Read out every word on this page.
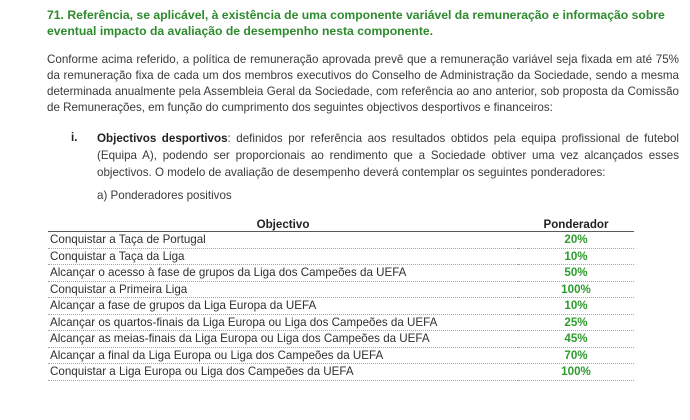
71. Referência, se aplicável, à existência de uma componente variável da remuneração e informação sobre eventual impacto da avaliação de desempenho nesta componente.
Conforme acima referido, a política de remuneração aprovada prevê que a remuneração variável seja fixada em até 75% da remuneração fixa de cada um dos membros executivos do Conselho de Administração da Sociedade, sendo a mesma determinada anualmente pela Assembleia Geral da Sociedade, com referência ao ano anterior, sob proposta da Comissão de Remunerações, em função do cumprimento dos seguintes objectivos desportivos e financeiros:
i. Objectivos desportivos: definidos por referência aos resultados obtidos pela equipa profissional de futebol (Equipa A), podendo ser proporcionais ao rendimento que a Sociedade obtiver uma vez alcançados esses objectivos. O modelo de avaliação de desempenho deverá contemplar os seguintes ponderadores:
a) Ponderadores positivos
Objectivo	Ponderador
Conquistar a Taça de Portugal	20%
Conquistar a Taça da Liga	10%
Alcançar o acesso à fase de grupos da Liga dos Campeões da UEFA	50%
Conquistar a Primeira Liga	100%
Alcançar a fase de grupos da Liga Europa da UEFA	10%
Alcançar os quartos-finais da Liga Europa ou Liga dos Campeões da UEFA	25%
Alcançar as meias-finais da Liga Europa ou Liga dos Campeões da UEFA	45%
Alcançar a final da Liga Europa ou Liga dos Campeões da UEFA	70%
Conquistar a Liga Europa ou Liga dos Campeões da UEFA	100%
